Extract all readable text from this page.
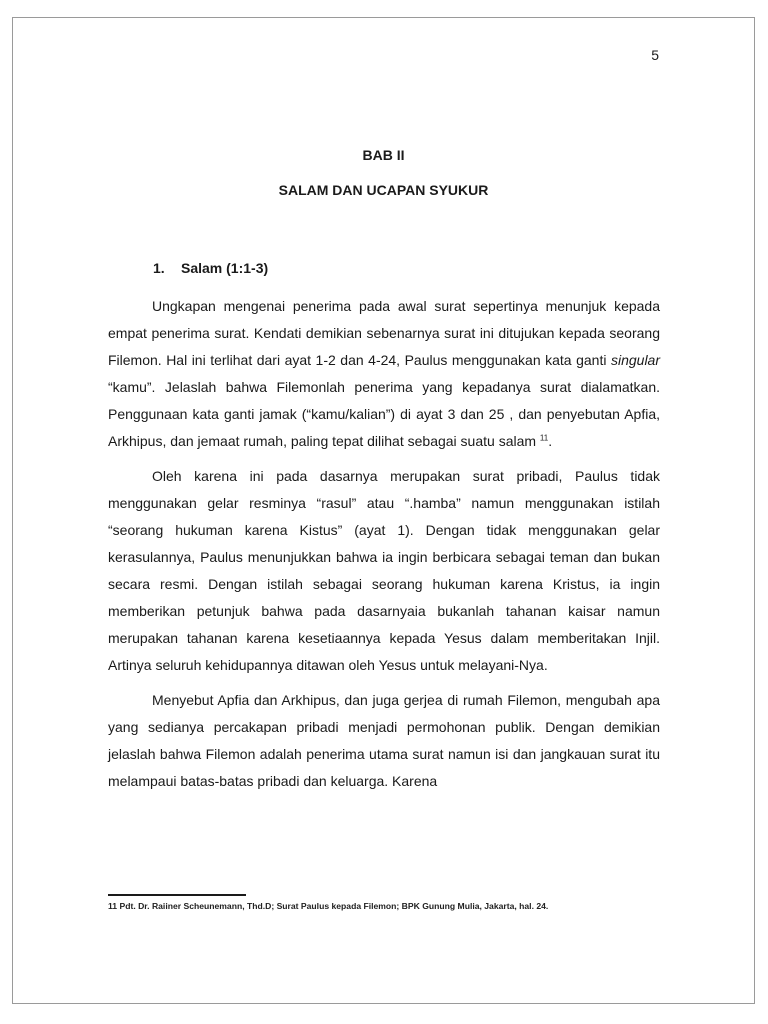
5
BAB II
SALAM DAN UCAPAN SYUKUR
1. Salam (1:1-3)

Ungkapan mengenai penerima pada awal surat sepertinya menunjuk kepada empat penerima surat. Kendati demikian sebenarnya surat ini ditujukan kepada seorang Filemon. Hal ini terlihat dari ayat 1-2 dan 4-24, Paulus menggunakan kata ganti singular “kamu”. Jelaslah bahwa Filemonlah penerima yang kepadanya surat dialamatkan. Penggunaan kata ganti jamak (“kamu/kalian”) di ayat 3 dan 25 , dan penyebutan Apfia, Arkhipus, dan jemaat rumah, paling tepat dilihat sebagai suatu salam $^{11}$.

Oleh karena ini pada dasarnya merupakan surat pribadi, Paulus tidak menggunakan gelar resminya “rasul” atau “.hamba” namun menggunakan istilah “seorang hukuman karena Kistus” (ayat 1). Dengan tidak menggunakan gelar kerasulannya, Paulus menunjukkan bahwa ia ingin berbicara sebagai teman dan bukan secara resmi. Dengan istilah sebagai seorang hukuman karena Kristus, ia ingin memberikan petunjuk bahwa pada dasarnyaia bukanlah tahanan kaisar namun merupakan tahanan karena kesetiaannya kepada Yesus dalam memberitakan Injil. Artinya seluruh kehidupannya ditawan oleh Yesus untuk melayani-Nya.

Menyebut Apfia dan Arkhipus, dan juga gerjea di rumah Filemon, mengubah apa yang sedianya percakapan pribadi menjadi permohonan publik. Dengan demikian jelaslah bahwa Filemon adalah penerima utama surat namun isi dan jangkauan surat itu melampaui batas-batas pribadi dan keluarga. Karena

11 Pdt. Dr. Raiiner Scheunemann, Thd.D; Surat Paulus kepada Filemon; BPK Gunung Mulia, Jakarta, hal. 24.
